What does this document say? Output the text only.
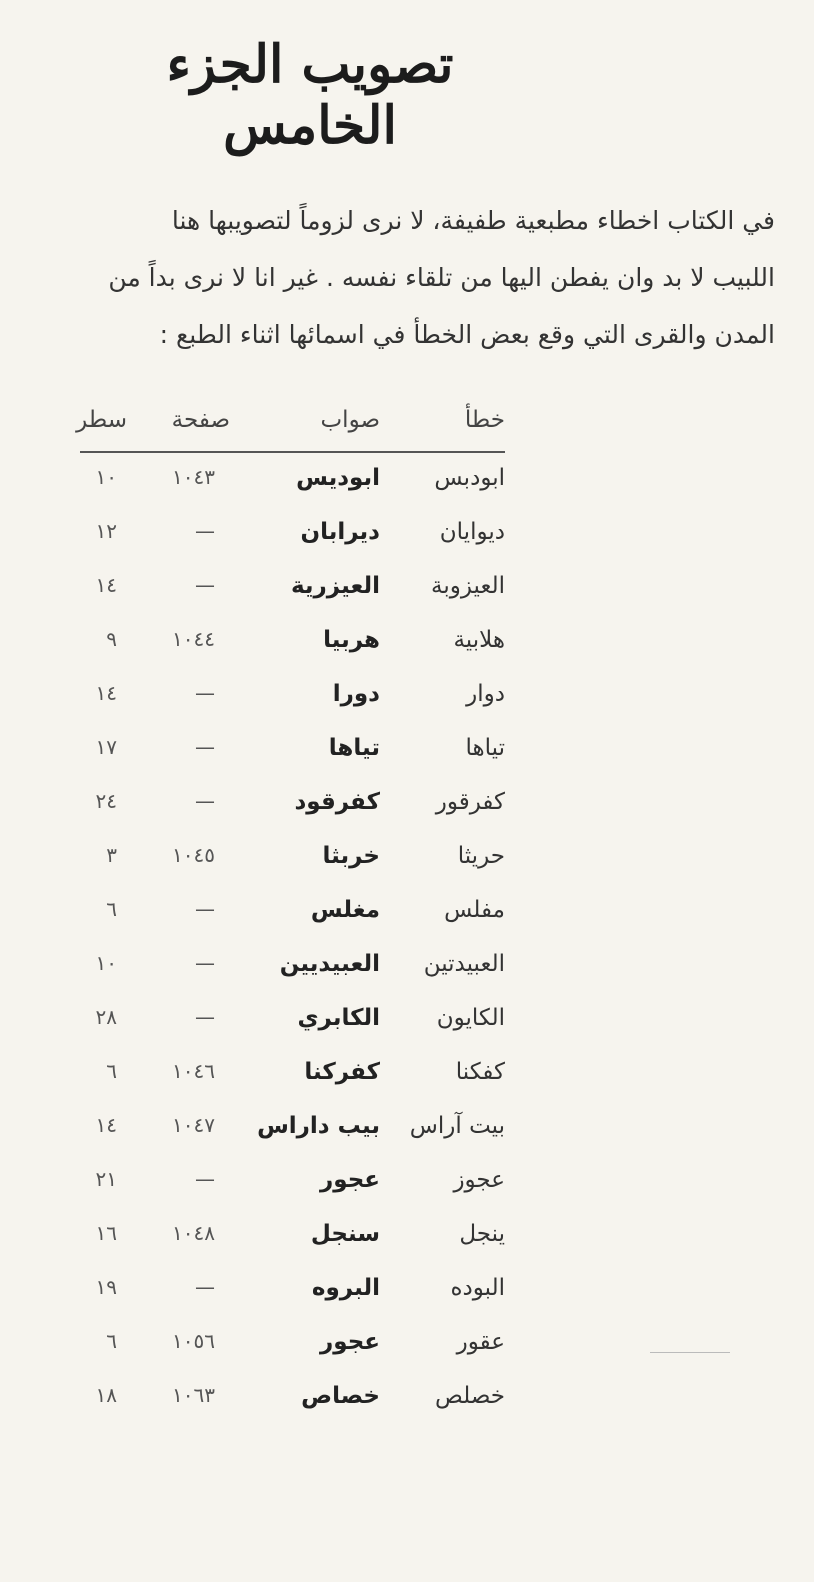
تصويب الجزء الخامس
في الكتاب اخطاء مطبعية طفيفة، لا نرى لزوماً لتصويبها هنا
اللبيب لا بد وان يفطن اليها من تلقاء نفسه . غير انا لا نرى بداً من
المدن والقرى التي وقع بعض الخطأ في اسمائها اثناء الطبع :
خطأ
صواب
صفحة
سطر
ابودبس
ابوديس
١٠٤٣
١٠
ديوايان
ديرابان
—
١٢
العيزوبة
العيزرية
—
١٤
هلابية
هربيا
١٠٤٤
٩
دوار
دورا
—
١٤
تياها
تياها
—
١٧
كفرقور
كفرقود
—
٢٤
حريثا
خربثا
١٠٤٥
٣
مفلس
مغلس
—
٦
العبيدتين
العبيديين
—
١٠
الكايون
الكابري
—
٢٨
كفكنا
كفركنا
١٠٤٦
٦
بيت آراس
بيب داراس
١٠٤٧
١٤
عجوز
عجور
—
٢١
ينجل
سنجل
١٠٤٨
١٦
البوده
البروه
—
١٩
عقور
عجور
١٠٥٦
٦
خصلص
خصاص
١٠٦٣
١٨
